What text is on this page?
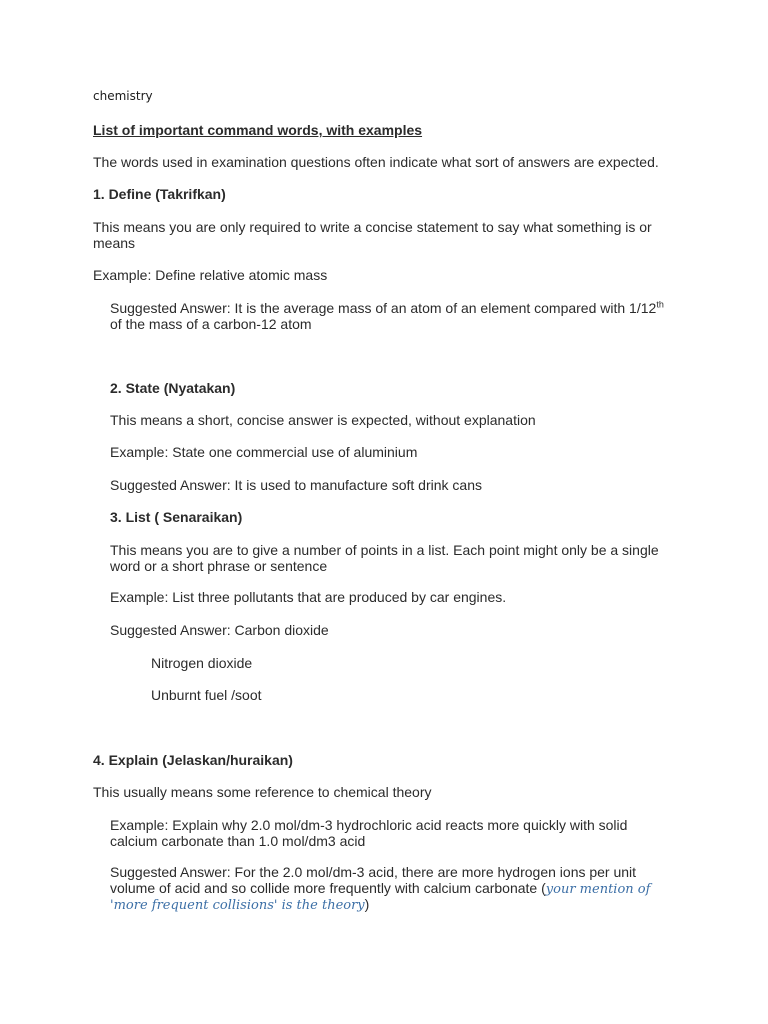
chemistry

List of important command words, with examples

The words used in examination questions often indicate what sort of answers are expected.

1. Define (Takrifkan)

This means you are only required to write a concise statement to say what something is or means

Example: Define relative atomic mass

Suggested Answer: It is the average mass of an atom of an element compared with 1/12th of the mass of a carbon-12 atom

2. State (Nyatakan)

This means a short, concise answer is expected, without explanation

Example: State one commercial use of aluminium

Suggested Answer: It is used to manufacture soft drink cans

3. List ( Senaraikan)

This means you are to give a number of points in a list. Each point might only be a single word or a short phrase or sentence

Example: List three pollutants that are produced by car engines.

Suggested Answer: Carbon dioxide

Nitrogen dioxide

Unburnt fuel /soot

4. Explain (Jelaskan/huraikan)

This usually means some reference to chemical theory

Example: Explain why 2.0 mol/dm-3 hydrochloric acid reacts more quickly with solid calcium carbonate than 1.0 mol/dm3 acid

Suggested Answer: For the 2.0 mol/dm-3 acid, there are more hydrogen ions per unit volume of acid and so collide more frequently with calcium carbonate (your mention of 'more frequent collisions' is the theory)
